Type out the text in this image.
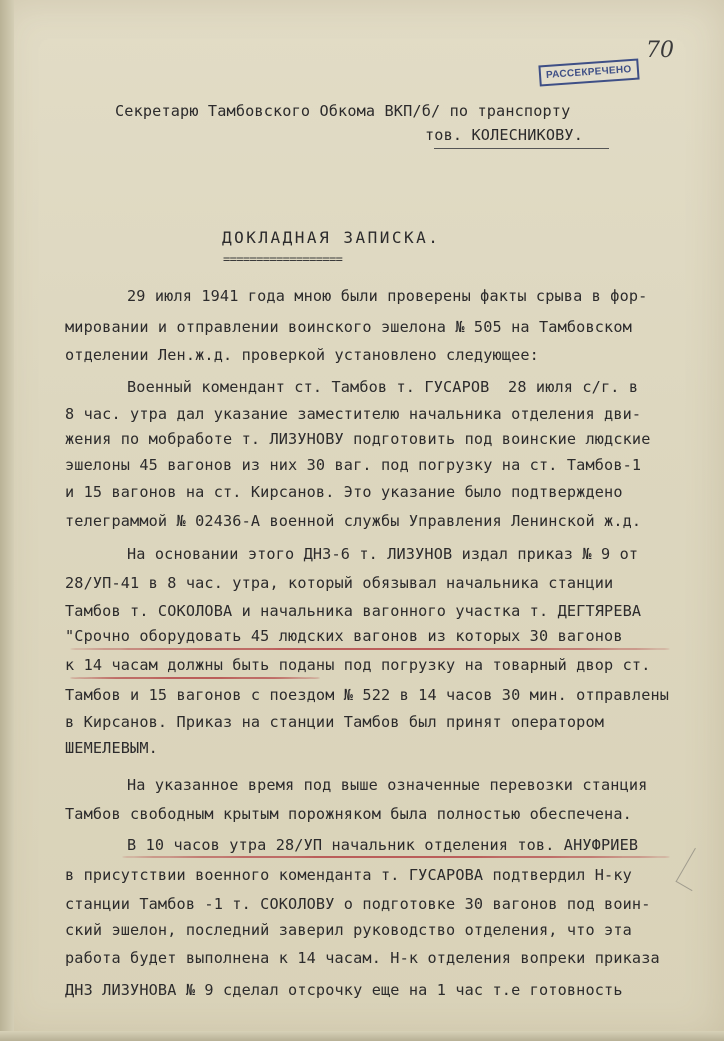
70
РАССЕКРЕЧЕНО
Секретарю Тамбовского Обкома ВКП/б/ по транспорту
тов. КОЛЕСНИКОВУ.
ДОКЛАДНАЯ ЗАПИСКА.
==================
29 июля 1941 года мною были проверены факты срыва в фор-
мировании и отправлении воинского эшелона № 505 на Тамбовском
отделении Лен.ж.д. проверкой установлено следующее:
Военный комендант ст. Тамбов т. ГУСАРОВ  28 июля с/г. в
8 час. утра дал указание заместителю начальника отделения дви-
жения по мобработе т. ЛИЗУНОВУ подготовить под воинские людские
эшелоны 45 вагонов из них 30 ваг. под погрузку на ст. Тамбов-1
и 15 вагонов на ст. Кирсанов. Это указание было подтверждено
телеграммой № 02436-А военной службы Управления Ленинской ж.д.
На основании этого ДНЗ-6 т. ЛИЗУНОВ издал приказ № 9 от
28/УП-41 в 8 час. утра, который обязывал начальника станции
Тамбов т. СОКОЛОВА и начальника вагонного участка т. ДЕГТЯРЕВА
"Срочно оборудовать 45 людских вагонов из которых 30 вагонов
к 14 часам должны быть поданы под погрузку на товарный двор ст.
Тамбов и 15 вагонов с поездом № 522 в 14 часов 30 мин. отправлены
в Кирсанов. Приказ на станции Тамбов был принят оператором
ШЕМЕЛЕВЫМ.
На указанное время под выше означенные перевозки станция
Тамбов свободным крытым порожняком была полностью обеспечена.
В 10 часов утра 28/УП начальник отделения тов. АНУФРИЕВ
в присутствии военного коменданта т. ГУСАРОВА подтвердил Н-ку
станции Тамбов -1 т. СОКОЛОВУ о подготовке 30 вагонов под воин-
ский эшелон, последний заверил руководство отделения, что эта
работа будет выполнена к 14 часам. Н-к отделения вопреки приказа
ДНЗ ЛИЗУНОВА № 9 сделал отсрочку еще на 1 час т.е готовность
